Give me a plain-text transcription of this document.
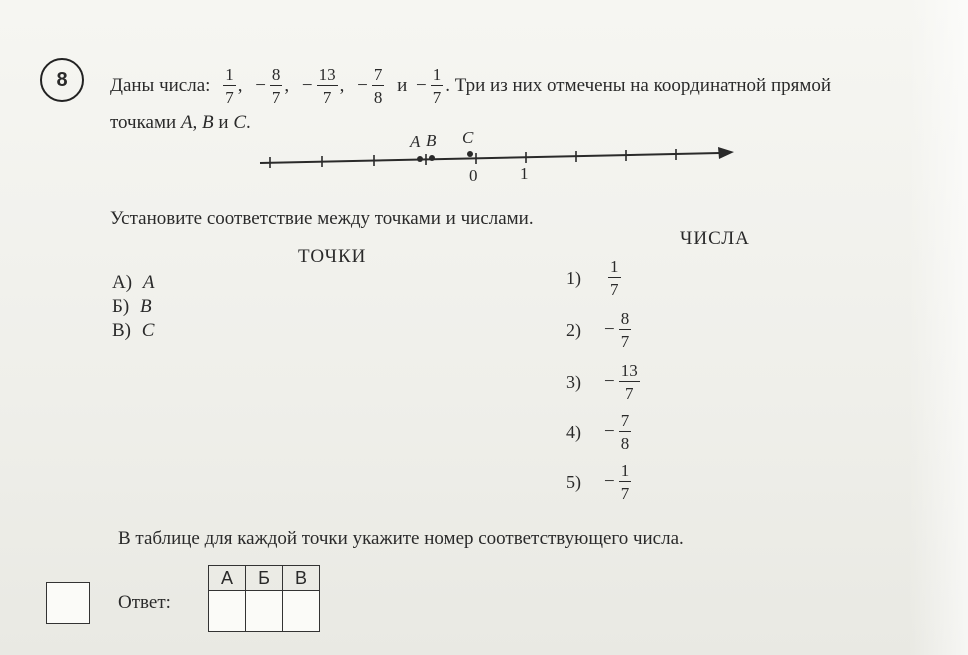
8	Даны числа: $\frac{1}{7}$ , − $\frac{8}{7}$ , − $\frac{13}{7}$ , − $\frac{7}{8}$ $и - \frac{1}{7}$ . Три из них отмечены на координатной прямой
точками A, B и C.
A B C
0	1
Установите соответствие между точками и числами.
ТОЧКИ
ЧИСЛА
А) A
Б) B
В) C
1)	$\frac{1}{7}$
2)	− $\frac{8}{7}$
3)	− $\frac{13}{7}$
4)	− $\frac{7}{8}$
5)	− $\frac{1}{7}$
В таблице для каждой точки укажите номер соответствующего числа.
Ответ:
А	Б	В
